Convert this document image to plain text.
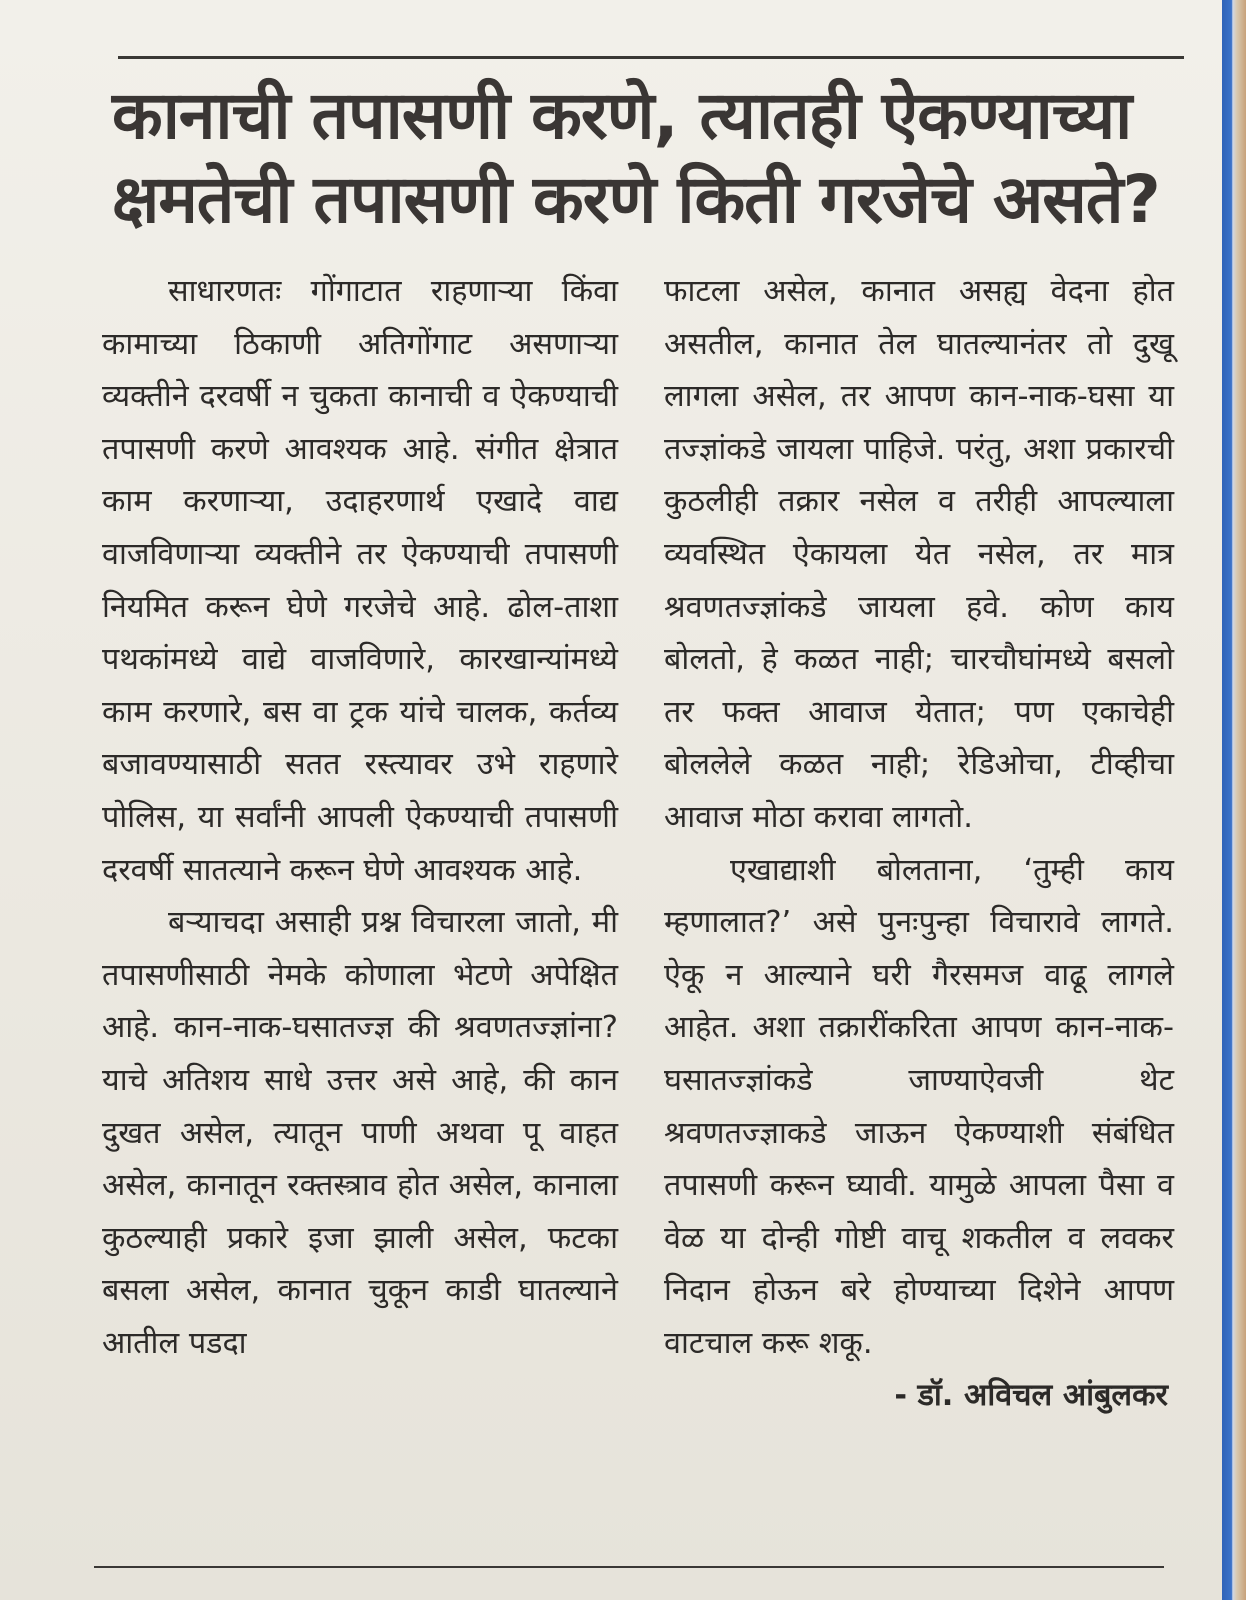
कानाची तपासणी करणे, त्यातही ऐकण्याच्या
क्षमतेची तपासणी करणे किती गरजेचे असते?

साधारणतः गोंगाटात राहणाऱ्या किंवा कामाच्या ठिकाणी अतिगोंगाट असणाऱ्या व्यक्तीने दरवर्षी न चुकता कानाची व ऐकण्याची तपासणी करणे आवश्यक आहे. संगीत क्षेत्रात काम करणाऱ्या, उदाहरणार्थ एखादे वाद्य वाजविणाऱ्या व्यक्तीने तर ऐकण्याची तपासणी नियमित करून घेणे गरजेचे आहे. ढोल-ताशा पथकांमध्ये वाद्ये वाजविणारे, कारखान्यांमध्ये काम करणारे, बस वा ट्रक यांचे चालक, कर्तव्य बजावण्यासाठी सतत रस्त्यावर उभे राहणारे पोलिस, या सर्वांनी आपली ऐकण्याची तपासणी दरवर्षी सातत्याने करून घेणे आवश्यक आहे.

बऱ्याचदा असाही प्रश्न विचारला जातो, मी तपासणीसाठी नेमके कोणाला भेटणे अपेक्षित आहे. कान-नाक-घसातज्ज्ञ की श्रवणतज्ज्ञांना? याचे अतिशय साधे उत्तर असे आहे, की कान दुखत असेल, त्यातून पाणी अथवा पू वाहत असेल, कानातून रक्तस्त्राव होत असेल, कानाला कुठल्याही प्रकारे इजा झाली असेल, फटका बसला असेल, कानात चुकून काडी घातल्याने आतील पडदा

फाटला असेल, कानात असह्य वेदना होत असतील, कानात तेल घातल्यानंतर तो दुखू लागला असेल, तर आपण कान-नाक-घसा या तज्ज्ञांकडे जायला पाहिजे. परंतु, अशा प्रकारची कुठलीही तक्रार नसेल व तरीही आपल्याला व्यवस्थित ऐकायला येत नसेल, तर मात्र श्रवणतज्ज्ञांकडे जायला हवे. कोण काय बोलतो, हे कळत नाही; चारचौघांमध्ये बसलो तर फक्त आवाज येतात; पण एकाचेही बोललेले कळत नाही; रेडिओचा, टीव्हीचा आवाज मोठा करावा लागतो.

एखाद्याशी बोलताना, ‘तुम्ही काय म्हणालात?’ असे पुनःपुन्हा विचारावे लागते. ऐकू न आल्याने घरी गैरसमज वाढू लागले आहेत. अशा तक्रारींकरिता आपण कान-नाक-घसातज्ज्ञांकडे जाण्याऐवजी थेट श्रवणतज्ज्ञाकडे जाऊन ऐकण्याशी संबंधित तपासणी करून घ्यावी. यामुळे आपला पैसा व वेळ या दोन्ही गोष्टी वाचू शकतील व लवकर निदान होऊन बरे होण्याच्या दिशेने आपण वाटचाल करू शकू.

- डॉ. अविचल आंबुलकर
